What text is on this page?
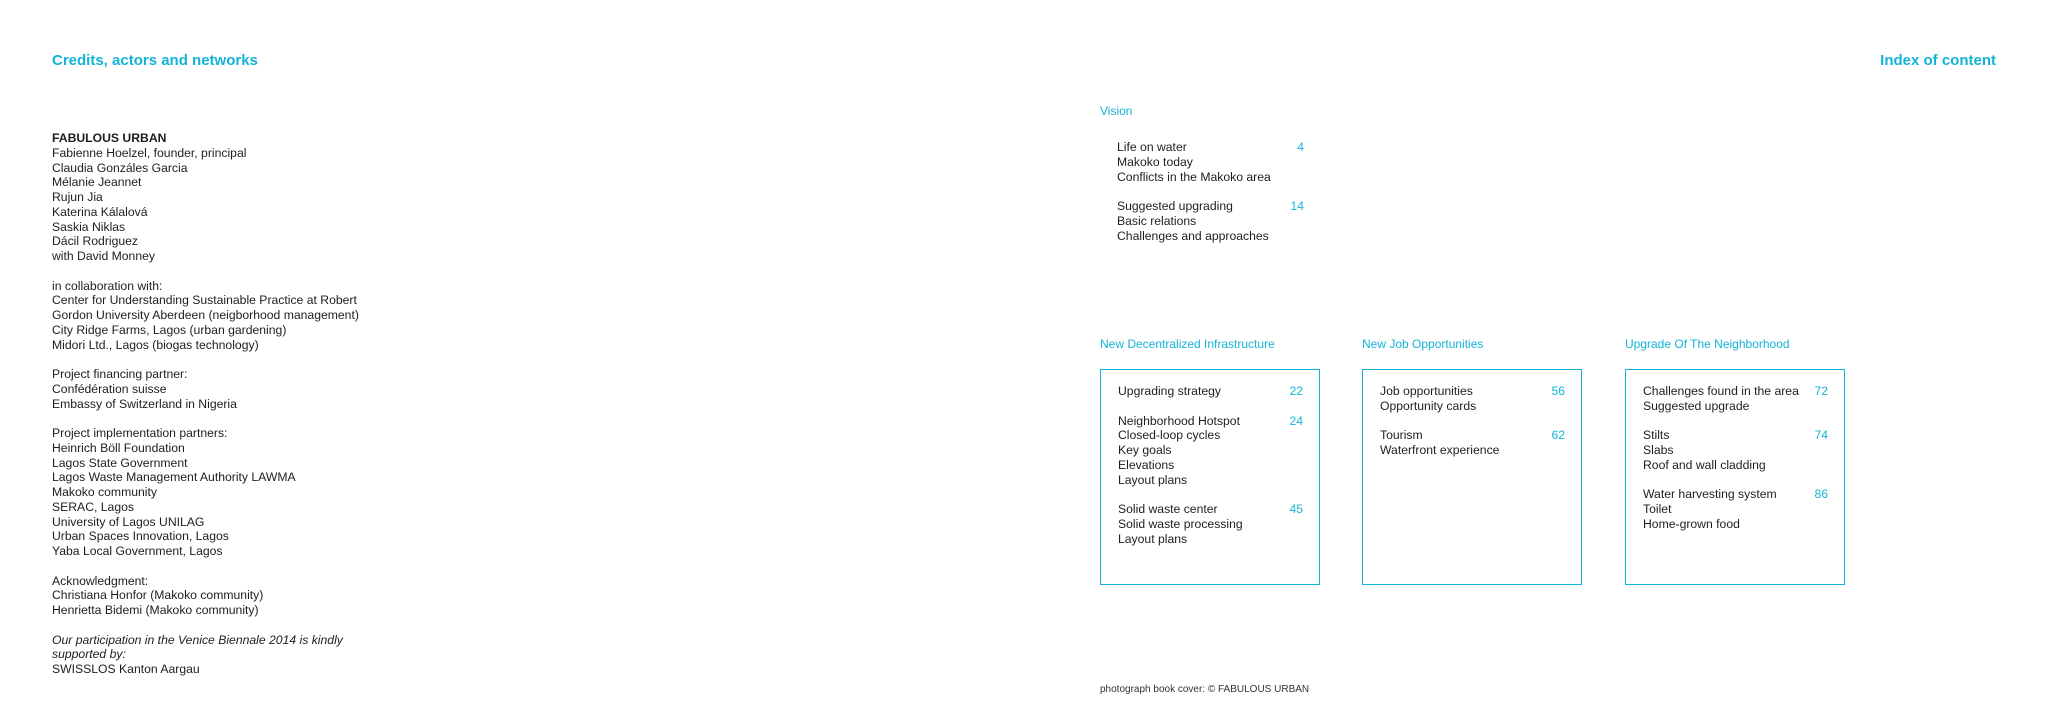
Credits, actors and networks	Index of content
FABULOUS URBAN
Fabienne Hoelzel, founder, principal
Claudia Gonzáles Garcia
Mélanie Jeannet
Rujun Jia
Katerina Kálalová
Saskia Niklas
Dácil Rodriguez
with David Monney
in collaboration with:
Center for Understanding Sustainable Practice at Robert
Gordon University Aberdeen (neigborhood management)
City Ridge Farms, Lagos (urban gardening)
Midori Ltd., Lagos (biogas technology)
Project financing partner:
Confédération suisse
Embassy of Switzerland in Nigeria
Project implementation partners:
Heinrich Böll Foundation
Lagos State Government
Lagos Waste Management Authority LAWMA
Makoko community
SERAC, Lagos
University of Lagos UNILAG
Urban Spaces Innovation, Lagos
Yaba Local Government, Lagos
Acknowledgment:
Christiana Honfor (Makoko community)
Henrietta Bidemi (Makoko community)
Our participation in the Venice Biennale 2014 is kindly supported by:
SWISSLOS Kanton Aargau
Vision
4
Life on water
Makoko today
Conflicts in the Makoko area
14
Suggested upgrading
Basic relations
Challenges and approaches
New Decentralized Infrastructure
22
Upgrading strategy
24
Neighborhood Hotspot
Closed-loop cycles
Key goals
Elevations
Layout plans
45
Solid waste center
Solid waste processing
Layout plans
New Job Opportunities
56
Job opportunities
Opportunity cards
62
Tourism
Waterfront experience
Upgrade Of The Neighborhood
72
Challenges found in the area
Suggested upgrade
74
Stilts
Slabs
Roof and wall cladding
86
Water harvesting system
Toilet
Home-grown food
photograph book cover: © FABULOUS URBAN
